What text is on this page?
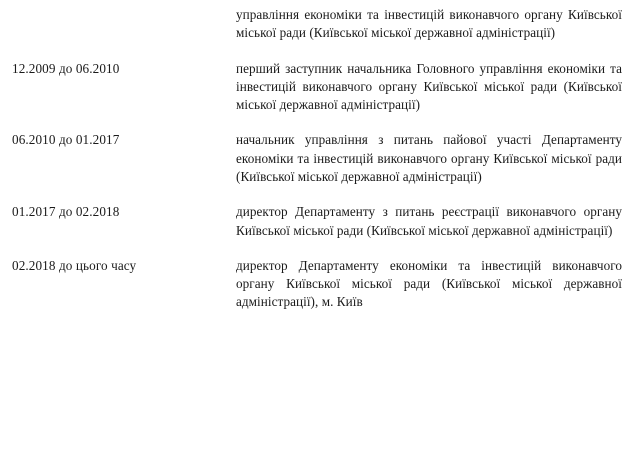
	управління економіки та інвестицій виконавчого органу Київської міської ради (Київської міської державної адміністрації)

12.2009 до 06.2010	перший заступник начальника Головного управління економіки та інвестицій виконавчого органу Київської міської ради (Київської міської державної адміністрації)

06.2010 до 01.2017	начальник управління з питань пайової участі Департаменту економіки та інвестицій виконавчого органу Київської міської ради (Київської міської державної адміністрації)

01.2017 до 02.2018	директор Департаменту з питань реєстрації виконавчого органу Київської міської ради (Київської міської державної адміністрації)

02.2018 до цього часу	директор Департаменту економіки та інвестицій виконавчого органу Київської міської ради (Київської міської державної адміністрації), м. Київ
